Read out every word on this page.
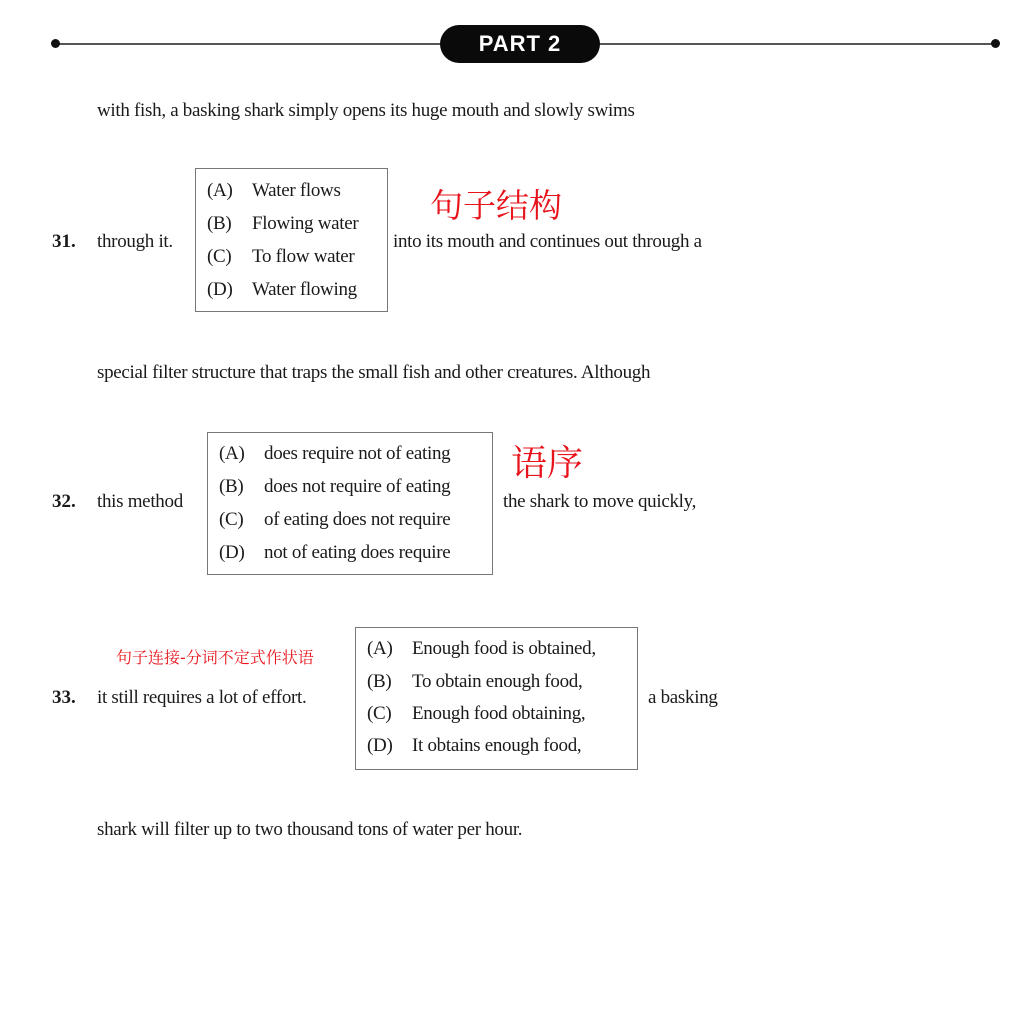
PART 2
with fish, a basking shark simply opens its huge mouth and slowly swims
31. through it.
(A) Water flows
(B) Flowing water
(C) To flow water
(D) Water flowing
句子结构
into its mouth and continues out through a
special filter structure that traps the small fish and other creatures. Although
32. this method
(A) does require not of eating
(B) does not require of eating
(C) of eating does not require
(D) not of eating does require
语序
the shark to move quickly,
句子连接-分词不定式作状语
33. it still requires a lot of effort.
(A) Enough food is obtained,
(B) To obtain enough food,
(C) Enough food obtaining,
(D) It obtains enough food,
a basking
shark will filter up to two thousand tons of water per hour.
